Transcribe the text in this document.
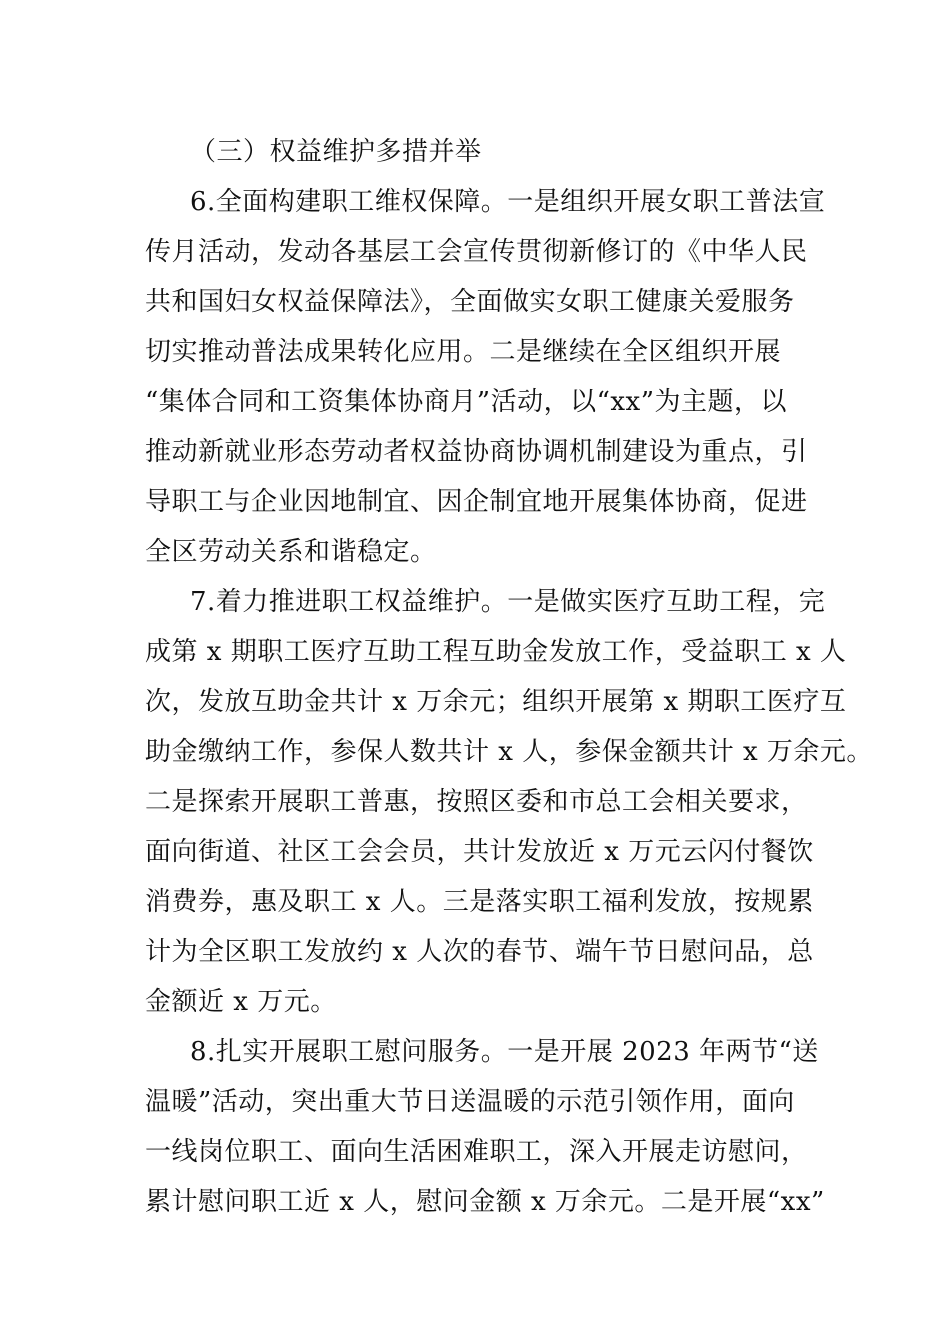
（三）权益维护多措并举
6.全面构建职工维权保障。一是组织开展女职工普法宣
传月活动，发动各基层工会宣传贯彻新修订的《中华人民
共和国妇女权益保障法》，全面做实女职工健康关爱服务
切实推动普法成果转化应用。二是继续在全区组织开展
“集体合同和工资集体协商月”活动，以“xx”为主题，以
推动新就业形态劳动者权益协商协调机制建设为重点，引
导职工与企业因地制宜、因企制宜地开展集体协商，促进
全区劳动关系和谐稳定。
7.着力推进职工权益维护。一是做实医疗互助工程，完
成第 x 期职工医疗互助工程互助金发放工作，受益职工 x 人
次，发放互助金共计 x 万余元；组织开展第 x 期职工医疗互
助金缴纳工作，参保人数共计 x 人，参保金额共计 x 万余元。
二是探索开展职工普惠，按照区委和市总工会相关要求，
面向街道、社区工会会员，共计发放近 x 万元云闪付餐饮
消费券，惠及职工 x 人。三是落实职工福利发放，按规累
计为全区职工发放约 x 人次的春节、端午节日慰问品，总
金额近 x 万元。
8.扎实开展职工慰问服务。一是开展 2023 年两节“送
温暖”活动，突出重大节日送温暖的示范引领作用，面向
一线岗位职工、面向生活困难职工，深入开展走访慰问，
累计慰问职工近 x 人，慰问金额 x 万余元。二是开展“xx”
